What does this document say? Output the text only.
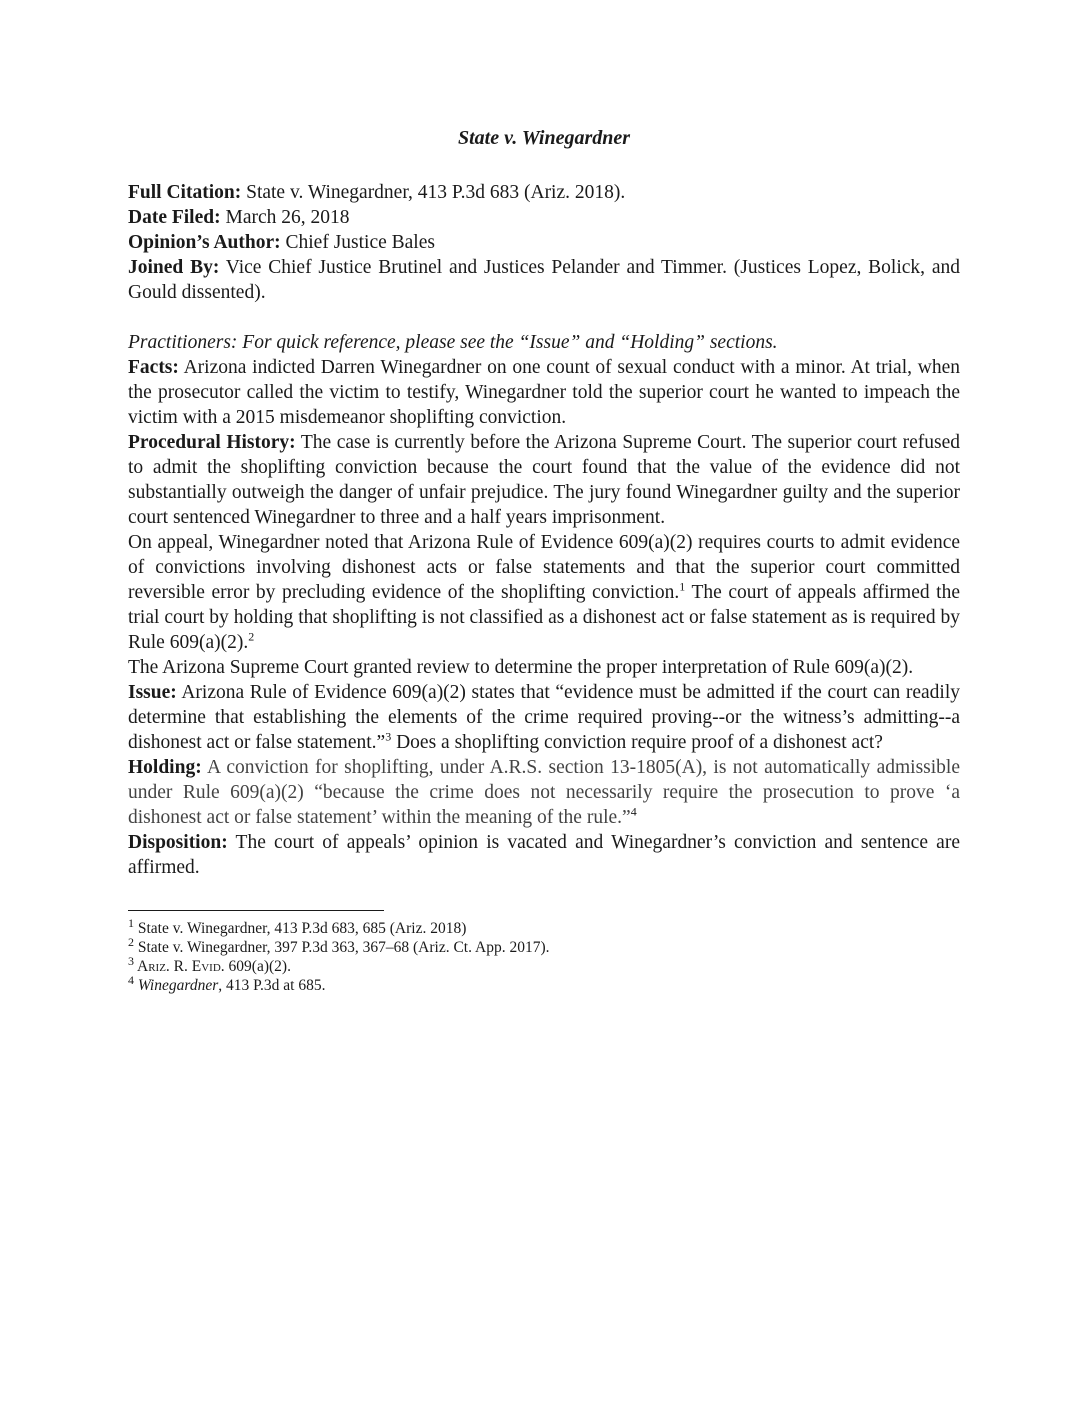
State v. Winegardner

Full Citation: State v. Winegardner, 413 P.3d 683 (Ariz. 2018).

Date Filed: March 26, 2018

Opinion’s Author: Chief Justice Bales

Joined By: Vice Chief Justice Brutinel and Justices Pelander and Timmer. (Justices Lopez, Bolick, and Gould dissented).

Practitioners: For quick reference, please see the “Issue” and “Holding” sections.

Facts: Arizona indicted Darren Winegardner on one count of sexual conduct with a minor. At trial, when the prosecutor called the victim to testify, Winegardner told the superior court he wanted to impeach the victim with a 2015 misdemeanor shoplifting conviction.

Procedural History: The case is currently before the Arizona Supreme Court. The superior court refused to admit the shoplifting conviction because the court found that the value of the evidence did not substantially outweigh the danger of unfair prejudice. The jury found Winegardner guilty and the superior court sentenced Winegardner to three and a half years imprisonment.

On appeal, Winegardner noted that Arizona Rule of Evidence 609(a)(2) requires courts to admit evidence of convictions involving dishonest acts or false statements and that the superior court committed reversible error by precluding evidence of the shoplifting conviction.$^1$ The court of appeals affirmed the trial court by holding that shoplifting is not classified as a dishonest act or false statement as is required by Rule 609(a)(2).$^2$

The Arizona Supreme Court granted review to determine the proper interpretation of Rule 609(a)(2).

Issue: Arizona Rule of Evidence 609(a)(2) states that “evidence must be admitted if the court can readily determine that establishing the elements of the crime required proving--or the witness’s admitting--a dishonest act or false statement.”$^3$ Does a shoplifting conviction require proof of a dishonest act?

Holding: A conviction for shoplifting, under A.R.S. section 13-1805(A), is not automatically admissible under Rule 609(a)(2) “because the crime does not necessarily require the prosecution to prove ‘a dishonest act or false statement’ within the meaning of the rule.”$^4$

Disposition: The court of appeals’ opinion is vacated and Winegardner’s conviction and sentence are affirmed.

$^1$ State v. Winegardner, 413 P.3d 683, 685 (Ariz. 2018)

$^2$ State v. Winegardner, 397 P.3d 363, 367–68 (Ariz. Ct. App. 2017).

$^3$ Ariz. R. Evid. 609(a)(2).

$^4$ Winegardner, 413 P.3d at 685.
